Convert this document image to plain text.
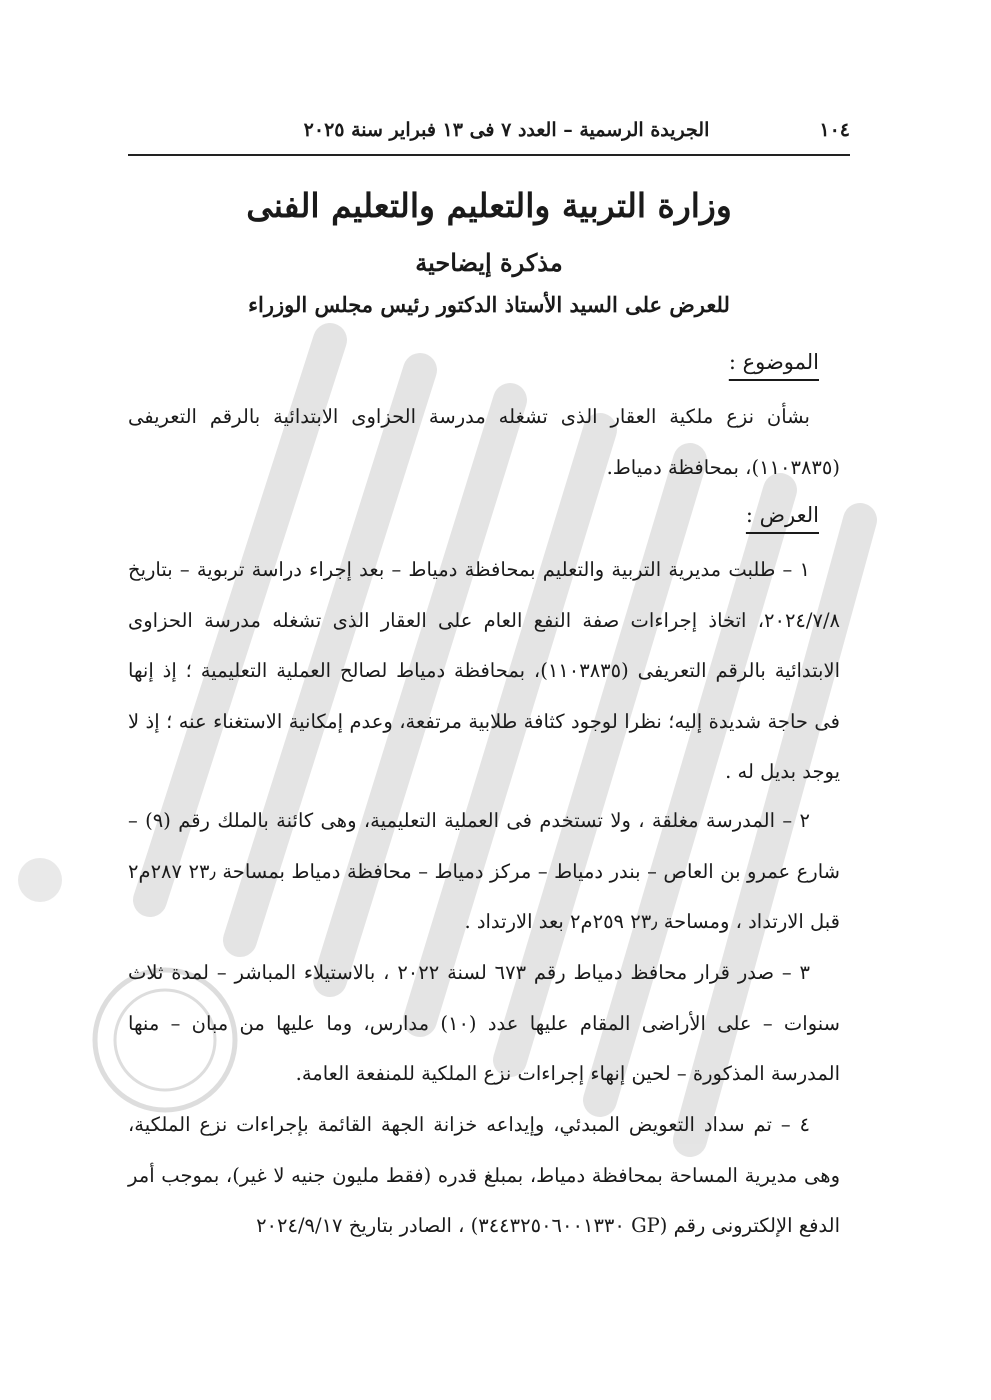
١٠٤
الجريدة الرسمية – العدد ٧ فى ١٣ فبراير سنة ٢٠٢٥
وزارة التربية والتعليم والتعليم الفنى
مذكرة إيضاحية
للعرض على السيد الأستاذ الدكتور رئيس مجلس الوزراء
الموضوع :
بشأن نزع ملكية العقار الذى تشغله مدرسة الحزاوى الابتدائية بالرقم التعريفى (١١٠٣٨٣٥)، بمحافظة دمياط.
العرض :
١ – طلبت مديرية التربية والتعليم بمحافظة دمياط – بعد إجراء دراسة تربوية – بتاريخ ٢٠٢٤/٧/٨، اتخاذ إجراءات صفة النفع العام على العقار الذى تشغله مدرسة الحزاوى الابتدائية بالرقم التعريفى (١١٠٣٨٣٥)، بمحافظة دمياط لصالح العملية التعليمية ؛ إذ إنها فى حاجة شديدة إليه؛ نظرا لوجود كثافة طلابية مرتفعة، وعدم إمكانية الاستغناء عنه ؛ إذ لا يوجد بديل له .
٢ – المدرسة مغلقة ، ولا تستخدم فى العملية التعليمية، وهى كائنة بالملك رقم (٩) – شارع عمرو بن العاص – بندر دمياط – مركز دمياط – محافظة دمياط بمساحة ٢٣٫ ٢٨٧م٢ قبل الارتداد ، ومساحة ٢٣٫ ٢٥٩م٢ بعد الارتداد .
٣ – صدر قرار محافظ دمياط رقم ٦٧٣ لسنة ٢٠٢٢ ، بالاستيلاء المباشر – لمدة ثلاث سنوات – على الأراضى المقام عليها عدد (١٠) مدارس، وما عليها من مبان – منها المدرسة المذكورة – لحين إنهاء إجراءات نزع الملكية للمنفعة العامة.
٤ – تم سداد التعويض المبدئي، وإيداعه خزانة الجهة القائمة بإجراءات نزع الملكية، وهى مديرية المساحة بمحافظة دمياط، بمبلغ قدره (فقط مليون جنيه لا غير)، بموجب أمر الدفع الإلكترونى رقم (GP ٣٤٤٣٢٥٠٦٠٠١٣٣٠) ، الصادر بتاريخ ٢٠٢٤/٩/١٧
